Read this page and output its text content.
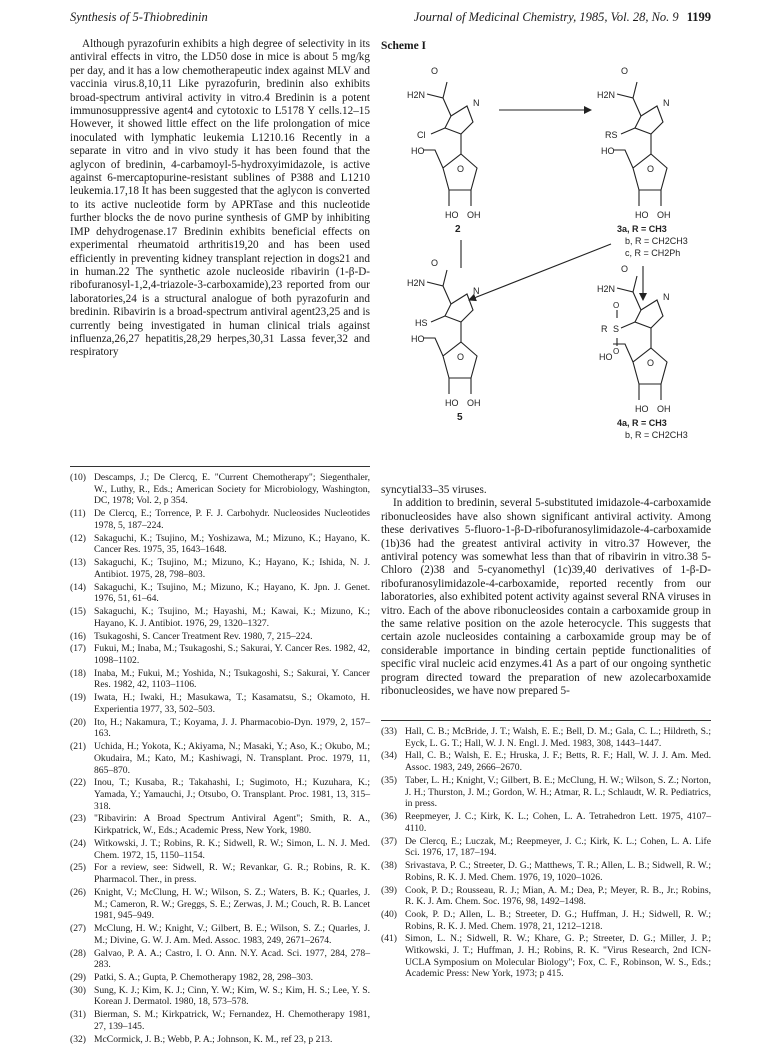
Synthesis of 5-Thiobredinin	Journal of Medicinal Chemistry, 1985, Vol. 28, No. 9 1199

Although pyrazofurin exhibits a high degree of selectivity in its antiviral effects in vitro, the LD50 dose in mice is about 5 mg/kg per day, and it has a low chemotherapeutic index against MLV and vaccinia virus.8,10,11 Like pyrazofurin, bredinin also exhibits broad-spectrum antiviral activity in vitro.4 Bredinin is a potent immunosuppressive agent4 and cytotoxic to L5178 Y cells.12–15 However, it showed little effect on the life prolongation of mice inoculated with lymphatic leukemia L1210.16 Recently in a separate in vitro and in vivo study it has been found that the aglycon of bredinin, 4-carbamoyl-5-hydroxyimidazole, is active against 6-mercaptopurine-resistant sublines of P388 and L1210 leukemia.17,18 It has been suggested that the aglycon is converted to its active nucleotide form by APRTase and this nucleotide further blocks the de novo purine synthesis of GMP by inhibiting IMP dehydrogenase.17 Bredinin exhibits beneficial effects on experimental rheumatoid arthritis19,20 and has been used efficiently in preventing kidney transplant rejection in dogs21 and in human.22 The synthetic azole nucleoside ribavirin (1-β-D-ribofuranosyl-1,2,4-triazole-3-carboxamide),23 reported from our laboratories,24 is a structural analogue of both pyrazofurin and bredinin. Ribavirin is a broad-spectrum antiviral agent23,25 and is currently being investigated in human clinical trials against influenza,26,27 hepatitis,28,29 herpes,30,31 Lassa fever,32 and respiratory

Scheme I
O
H2N
N
Cl
HO
O
HO OH
2
O
H2N
N
RS
HO
O
HO OH
3a, R = CH3
b, R = CH2CH3
c, R = CH2Ph
O
H2N
N
HS
HO
O
HO OH
5
O
H2N
N
O
R S
O
HO
O
HO OH
4a, R = CH3
b, R = CH2CH3

syncytial33–35 viruses.

In addition to bredinin, several 5-substituted imidazole-4-carboxamide ribonucleosides have also shown significant antiviral activity. Among these derivatives 5-fluoro-1-β-D-ribofuranosylimidazole-4-carboxamide (1b)36 had the greatest antiviral activity in vitro.37 However, the antiviral potency was somewhat less than that of ribavirin in vitro.38 5-Chloro (2)38 and 5-cyanomethyl (1c)39,40 derivatives of 1-β-D-ribofuranosylimidazole-4-carboxamide, reported recently from our laboratories, also exhibited potent activity against several RNA viruses in vitro. Each of the above ribonucleosides contain a carboxamide group in the same relative position on the azole heterocycle. This suggests that certain azole nucleosides containing a carboxamide group may be of considerable importance in binding certain peptide functionalities of specific viral nucleic acid enzymes.41 As a part of our ongoing synthetic program directed toward the preparation of new azolecarboxamide ribonucleosides, we have now prepared 5-

(10) Descamps, J.; De Clercq, E. "Current Chemotherapy"; Siegenthaler, W., Luthy, R., Eds.; American Society for Microbiology, Washington, DC, 1978; Vol. 2, p 354.
(11) De Clercq, E.; Torrence, P. F. J. Carbohydr. Nucleosides Nucleotides 1978, 5, 187–224.
(12) Sakaguchi, K.; Tsujino, M.; Yoshizawa, M.; Mizuno, K.; Hayano, K. Cancer Res. 1975, 35, 1643–1648.
(13) Sakaguchi, K.; Tsujino, M.; Mizuno, K.; Hayano, K.; Ishida, N. J. Antibiot. 1975, 28, 798–803.
(14) Sakaguchi, K.; Tsujino, M.; Mizuno, K.; Hayano, K. Jpn. J. Genet. 1976, 51, 61–64.
(15) Sakaguchi, K.; Tsujino, M.; Hayashi, M.; Kawai, K.; Mizuno, K.; Hayano, K. J. Antibiot. 1976, 29, 1320–1327.
(16) Tsukagoshi, S. Cancer Treatment Rev. 1980, 7, 215–224.
(17) Fukui, M.; Inaba, M.; Tsukagoshi, S.; Sakurai, Y. Cancer Res. 1982, 42, 1098–1102.
(18) Inaba, M.; Fukui, M.; Yoshida, N.; Tsukagoshi, S.; Sakurai, Y. Cancer Res. 1982, 42, 1103–1106.
(19) Iwata, H.; Iwaki, H.; Masukawa, T.; Kasamatsu, S.; Okamoto, H. Experientia 1977, 33, 502–503.
(20) Ito, H.; Nakamura, T.; Koyama, J. J. Pharmacobio-Dyn. 1979, 2, 157–163.
(21) Uchida, H.; Yokota, K.; Akiyama, N.; Masaki, Y.; Aso, K.; Okubo, M.; Okudaira, M.; Kato, M.; Kashiwagi, N. Transplant. Proc. 1979, 11, 865–870.
(22) Inou, T.; Kusaba, R.; Takahashi, I.; Sugimoto, H.; Kuzuhara, K.; Yamada, Y.; Yamauchi, J.; Otsubo, O. Transplant. Proc. 1981, 13, 315–318.
(23) "Ribavirin: A Broad Spectrum Antiviral Agent"; Smith, R. A., Kirkpatrick, W., Eds.; Academic Press, New York, 1980.
(24) Witkowski, J. T.; Robins, R. K.; Sidwell, R. W.; Simon, L. N. J. Med. Chem. 1972, 15, 1150–1154.
(25) For a review, see: Sidwell, R. W.; Revankar, G. R.; Robins, R. K. Pharmacol. Ther., in press.
(26) Knight, V.; McClung, H. W.; Wilson, S. Z.; Waters, B. K.; Quarles, J. M.; Cameron, R. W.; Greggs, S. E.; Zerwas, J. M.; Couch, R. B. Lancet 1981, 945–949.
(27) McClung, H. W.; Knight, V.; Gilbert, B. E.; Wilson, S. Z.; Quarles, J. M.; Divine, G. W. J. Am. Med. Assoc. 1983, 249, 2671–2674.
(28) Galvao, P. A. A.; Castro, I. O. Ann. N.Y. Acad. Sci. 1977, 284, 278–283.
(29) Patki, S. A.; Gupta, P. Chemotherapy 1982, 28, 298–303.
(30) Sung, K. J.; Kim, K. J.; Cinn, Y. W.; Kim, W. S.; Kim, H. S.; Lee, Y. S. Korean J. Dermatol. 1980, 18, 573–578.
(31) Bierman, S. M.; Kirkpatrick, W.; Fernandez, H. Chemotherapy 1981, 27, 139–145.
(32) McCormick, J. B.; Webb, P. A.; Johnson, K. M., ref 23, p 213.
(33) Hall, C. B.; McBride, J. T.; Walsh, E. E.; Bell, D. M.; Gala, C. L.; Hildreth, S.; Eyck, L. G. T.; Hall, W. J. N. Engl. J. Med. 1983, 308, 1443–1447.
(34) Hall, C. B.; Walsh, E. E.; Hruska, J. F.; Betts, R. F.; Hall, W. J. J. Am. Med. Assoc. 1983, 249, 2666–2670.
(35) Taber, L. H.; Knight, V.; Gilbert, B. E.; McClung, H. W.; Wilson, S. Z.; Norton, J. H.; Thurston, J. M.; Gordon, W. H.; Atmar, R. L.; Schlaudt, W. R. Pediatrics, in press.
(36) Reepmeyer, J. C.; Kirk, K. L.; Cohen, L. A. Tetrahedron Lett. 1975, 4107–4110.
(37) De Clercq, E.; Luczak, M.; Reepmeyer, J. C.; Kirk, K. L.; Cohen, L. A. Life Sci. 1976, 17, 187–194.
(38) Srivastava, P. C.; Streeter, D. G.; Matthews, T. R.; Allen, L. B.; Sidwell, R. W.; Robins, R. K. J. Med. Chem. 1976, 19, 1020–1026.
(39) Cook, P. D.; Rousseau, R. J.; Mian, A. M.; Dea, P.; Meyer, R. B., Jr.; Robins, R. K. J. Am. Chem. Soc. 1976, 98, 1492–1498.
(40) Cook, P. D.; Allen, L. B.; Streeter, D. G.; Huffman, J. H.; Sidwell, R. W.; Robins, R. K. J. Med. Chem. 1978, 21, 1212–1218.
(41) Simon, L. N.; Sidwell, R. W.; Khare, G. P.; Streeter, D. G.; Miller, J. P.; Witkowski, J. T.; Huffman, J. H.; Robins, R. K. "Virus Research, 2nd ICN-UCLA Symposium on Molecular Biology"; Fox, C. F., Robinson, W. S., Eds.; Academic Press: New York, 1973; p 415.
